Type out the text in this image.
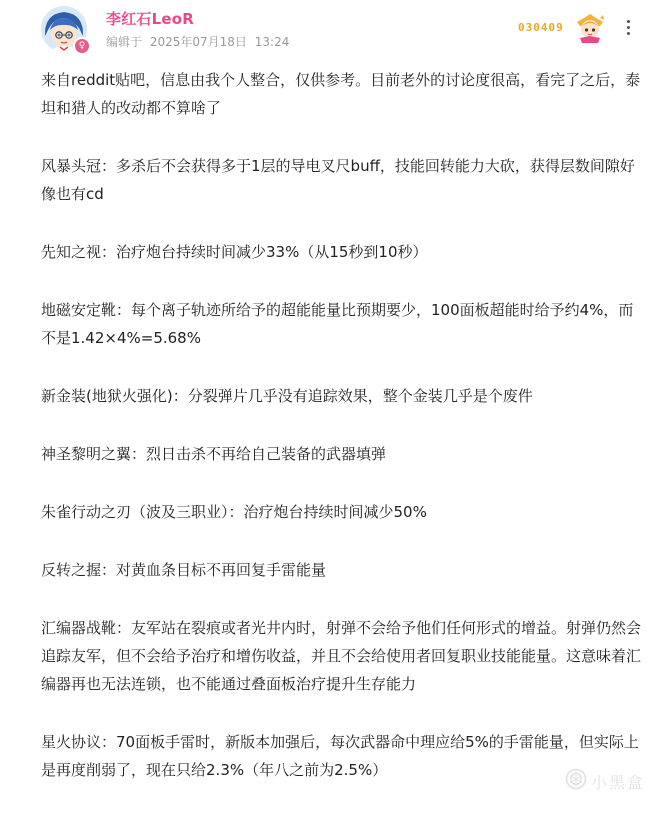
♀
李红石LeoR
编辑于 2025年07月18日 13:24
030409

来自reddit贴吧，信息由我个人整合，仅供参考。目前老外的讨论度很高，看完了之后，泰坦和猎人的改动都不算啥了

风暴头冠：多杀后不会获得多于1层的导电叉尺buff，技能回转能力大砍，获得层数间隙好像也有cd

先知之视：治疗炮台持续时间减少33%（从15秒到10秒）

地磁安定靴：每个离子轨迹所给予的超能能量比预期要少，100面板超能时给予约4%，而不是1.42×4%=5.68%

新金装(地狱火强化)：分裂弹片几乎没有追踪效果，整个金装几乎是个废件

神圣黎明之翼：烈日击杀不再给自己装备的武器填弹

朱雀行动之刃（波及三职业）：治疗炮台持续时间减少50%

反转之握：对黄血条目标不再回复手雷能量

汇编器战靴：友军站在裂痕或者光井内时，射弹不会给予他们任何形式的增益。射弹仍然会追踪友军，但不会给予治疗和增伤收益，并且不会给使用者回复职业技能能量。这意味着汇编器再也无法连锁，也不能通过叠面板治疗提升生存能力

星火协议：70面板手雷时，新版本加强后，每次武器命中理应给5%的手雷能量，但实际上是再度削弱了，现在只给2.3%（年八之前为2.5%）

小黑盒
